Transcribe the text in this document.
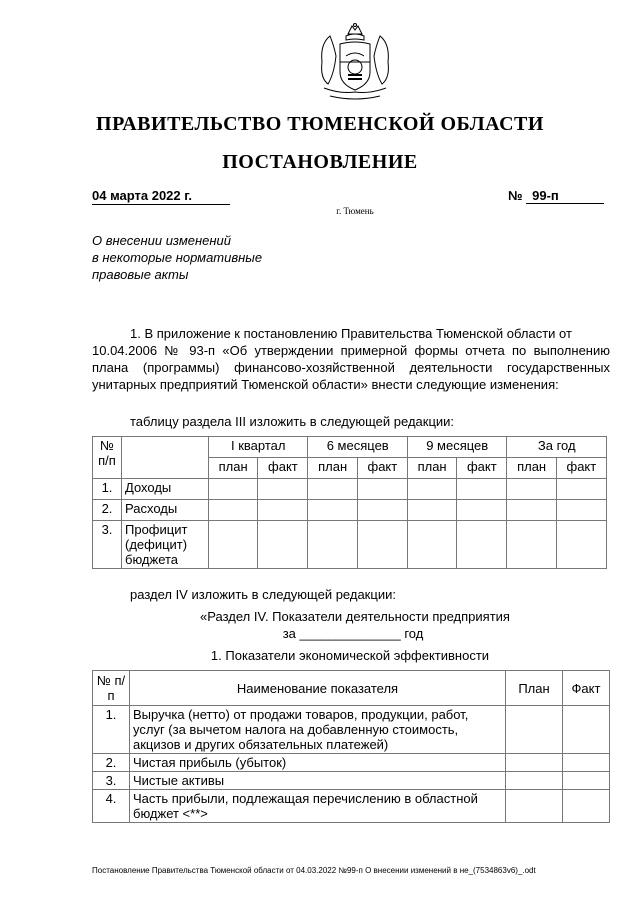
ПРАВИТЕЛЬСТВО ТЮМЕНСКОЙ ОБЛАСТИ
ПОСТАНОВЛЕНИЕ
04 марта 2022 г.	№ 99-п
г. Тюмень
О внесении изменений
в некоторые нормативные
правовые акты
1. В приложение к постановлению Правительства Тюменской области от
10.04.2006 № 93-п «Об утверждении примерной формы отчета по выполнению плана (программы) финансово-хозяйственной деятельности государственных унитарных предприятий Тюменской области» внести следующие изменения:
таблицу раздела III изложить в следующей редакции:
№ п/п		I квартал		6 месяцев		9 месяцев		За год	
		план	факт	план	факт	план	факт	план	факт
1.	Доходы								
2.	Расходы								
3.	Профицит (дефицит) бюджета								
раздел IV изложить в следующей редакции:
«Раздел IV. Показатели деятельности предприятия
за ______________ год
1. Показатели экономической эффективности
№ п/п	Наименование показателя	План	Факт
1.	Выручка (нетто) от продажи товаров, продукции, работ, услуг (за вычетом налога на добавленную стоимость, акцизов и других обязательных платежей)		
2.	Чистая прибыль (убыток)		
3.	Чистые активы		
4.	Часть прибыли, подлежащая перечислению в областной бюджет <**>		
Постановление Правительства Тюменской области от 04.03.2022 №99-п О внесении изменений в не_(7534863v6)_.odt
